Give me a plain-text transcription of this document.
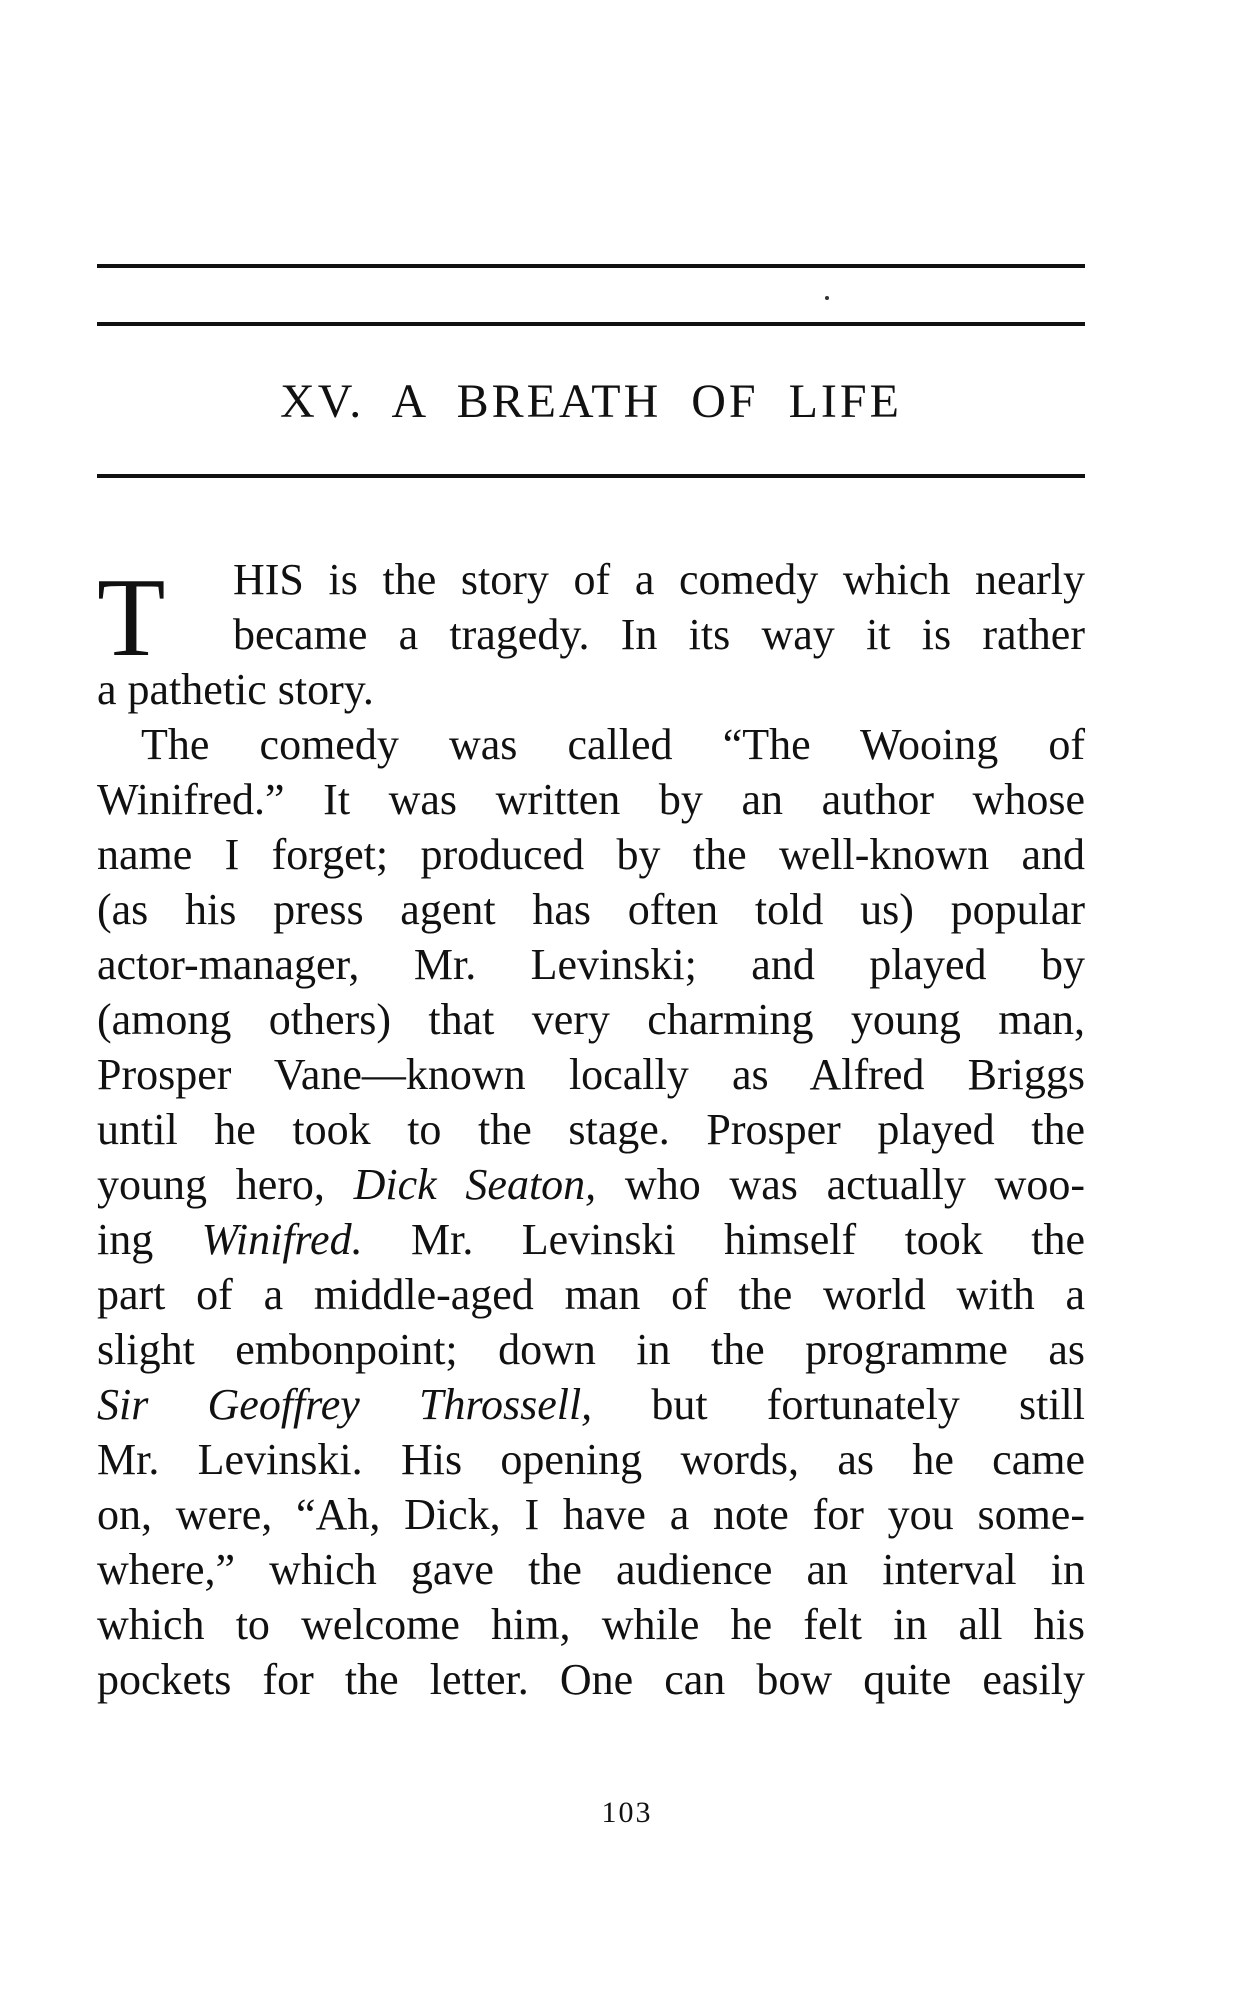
XV.  A  BREATH  OF  LIFE
T	HIS is the story of a comedy which nearly
became a tragedy. In its way it is rather
a pathetic story.
The comedy was called “The Wooing of
Winifred.” It was written by an author whose
name I forget; produced by the well-known and
(as his press agent has often told us) popular
actor-manager, Mr. Levinski; and played by
(among others) that very charming young man,
Prosper Vane—known locally as Alfred Briggs
until he took to the stage. Prosper played the
young hero, Dick Seaton, who was actually woo-
ing Winifred. Mr. Levinski himself took the
part of a middle-aged man of the world with a
slight embonpoint; down in the programme as
Sir Geoffrey Throssell, but fortunately still
Mr. Levinski. His opening words, as he came
on, were, “Ah, Dick, I have a note for you some-
where,” which gave the audience an interval in
which to welcome him, while he felt in all his
pockets for the letter. One can bow quite easily
103
